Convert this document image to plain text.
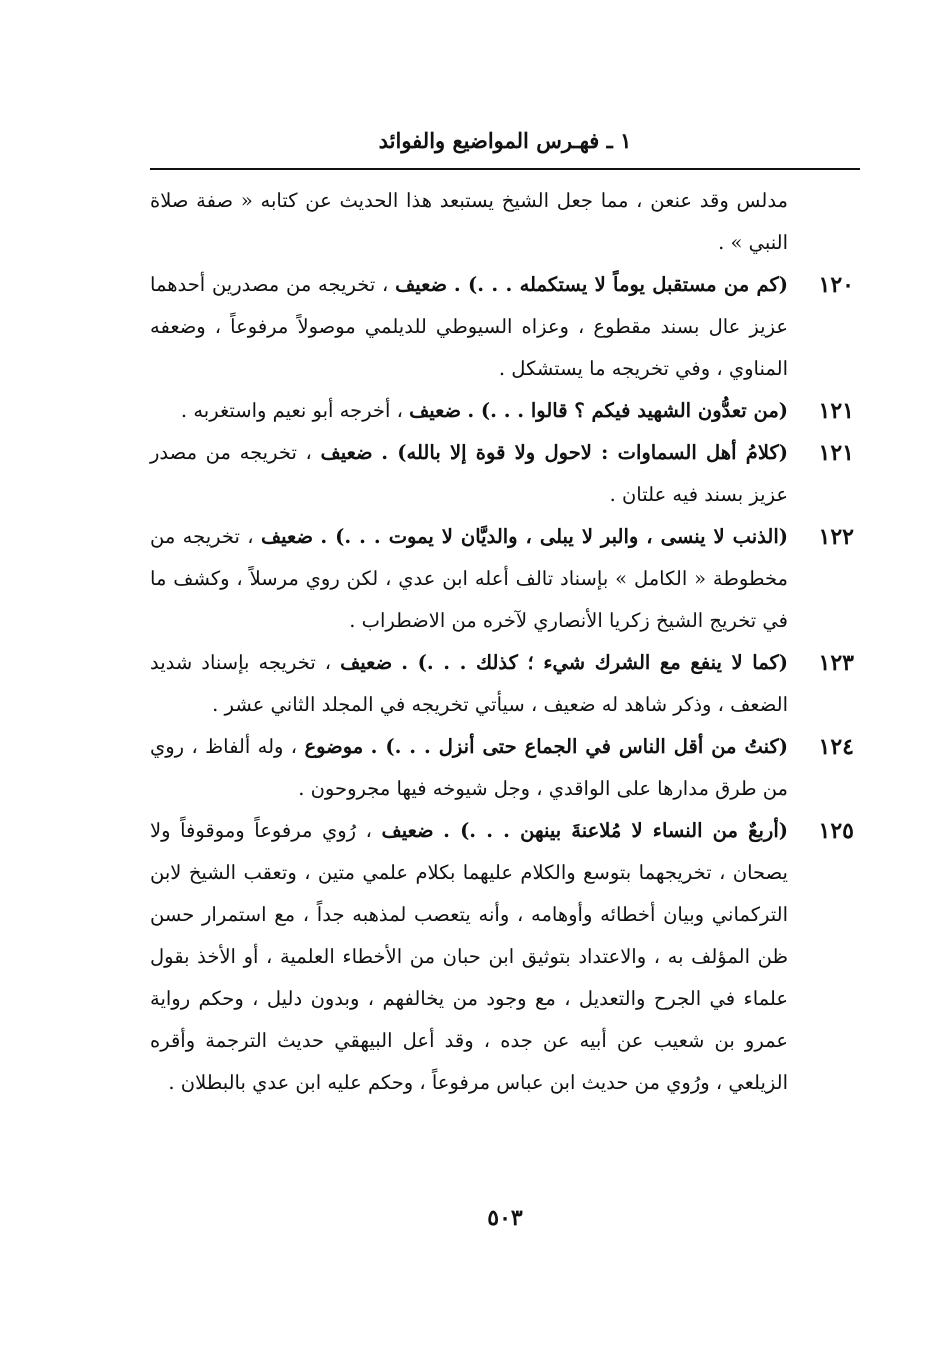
١ ـ فهـرس المواضيع والفوائد
مدلس وقد عنعن ، مما جعل الشيخ يستبعد هذا الحديث عن كتابه « صفة صلاة النبي » .
١٢٠
(كم من مستقبل يوماً لا يستكمله . . .) . ضعيف ، تخريجه من مصدرين أحدهما عزيز عال بسند مقطوع ، وعزاه السيوطي للديلمي موصولاً مرفوعاً ، وضعفه المناوي ، وفي تخريجه ما يستشكل .
١٢١
(من تعدُّون الشهيد فيكم ؟ قالوا . . .) . ضعيف ، أخرجه أبو نعيم واستغربه .
١٢١
(كلامُ أهل السماوات : لاحول ولا قوة إلا بالله) . ضعيف ، تخريجه من مصدر عزيز بسند فيه علتان .
١٢٢
(الذنب لا ينسى ، والبر لا يبلى ، والديَّان لا يموت . . .) . ضعيف ، تخريجه من مخطوطة « الكامل » بإسناد تالف أعله ابن عدي ، لكن روي مرسلاً ، وكشف ما في تخريج الشيخ زكريا الأنصاري لآخره من الاضطراب .
١٢٣
(كما لا ينفع مع الشرك شيء ؛ كذلك . . .) . ضعيف ، تخريجه بإسناد شديد الضعف ، وذكر شاهد له ضعيف ، سيأتي تخريجه في المجلد الثاني عشر .
١٢٤
(كنتُ من أقل الناس في الجماع حتى أنزل . . .) . موضوع ، وله ألفاظ ، روي من طرق مدارها على الواقدي ، وجل شيوخه فيها مجروحون .
١٢٥
(أربعٌ من النساء لا مُلاعنةَ بينهن . . .) . ضعيف ، رُوي مرفوعاً وموقوفاً ولا يصحان ، تخريجهما بتوسع والكلام عليهما بكلام علمي متين ، وتعقب الشيخ لابن التركماني وبيان أخطائه وأوهامه ، وأنه يتعصب لمذهبه جداً ، مع استمرار حسن ظن المؤلف به ، والاعتداد بتوثيق ابن حبان من الأخطاء العلمية ، أو الأخذ بقول علماء في الجرح والتعديل ، مع وجود من يخالفهم ، وبدون دليل ، وحكم رواية عمرو بن شعيب عن أبيه عن جده ، وقد أعل البيهقي حديث الترجمة وأقره الزيلعي ، ورُوي من حديث ابن عباس مرفوعاً ، وحكم عليه ابن عدي بالبطلان .
٥٠٣
